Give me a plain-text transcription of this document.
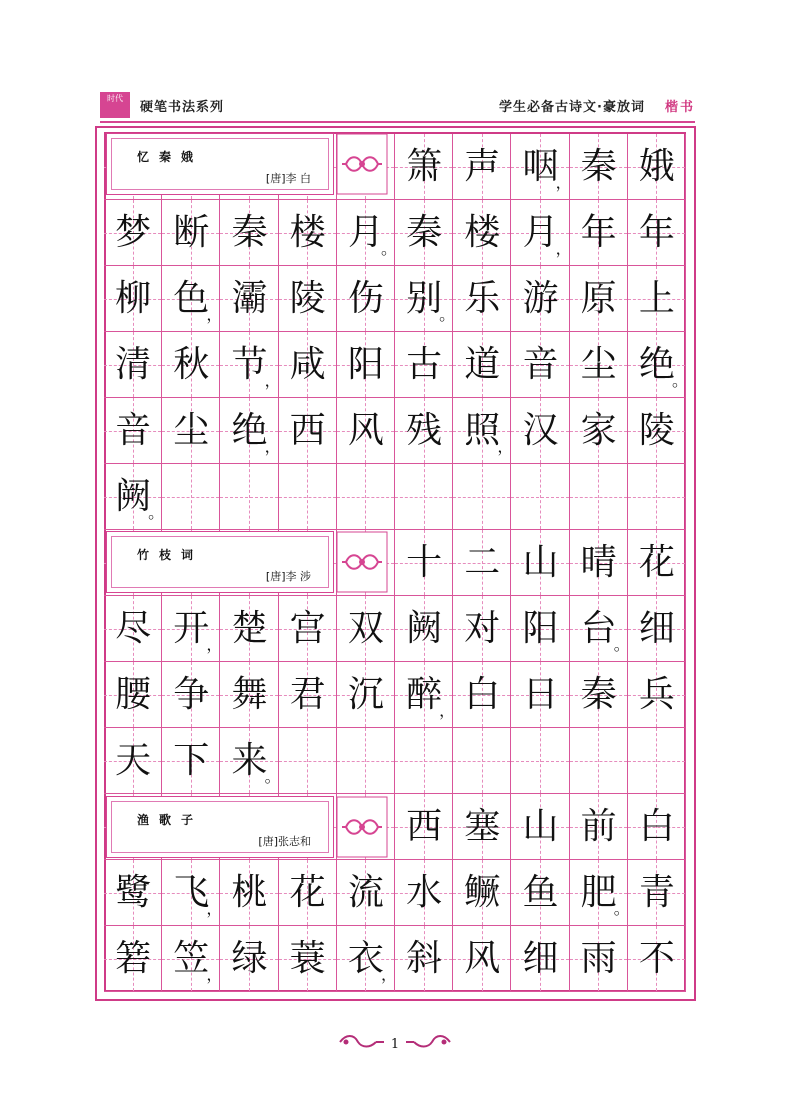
时代
硬笔书法系列	学生必备古诗文·豪放词 楷书
箫 声 咽
， 秦 娥
梦 断 秦 楼 月
。 秦 楼 月
， 年 年
柳 色
， 灞 陵 伤 别
。 乐 游 原 上
清 秋 节
， 咸 阳 古 道 音 尘 绝
。
音 尘 绝
， 西 风 残 照
， 汉 家 陵
阙
。
十 二 山 晴 花
尽 开
， 楚 宫 双 阙 对 阳 台
。 细
腰 争 舞 君 沉 醉
， 白 日 秦 兵
天 下 来
。
西 塞 山 前 白
鹭 飞
， 桃 花 流 水 鳜 鱼 肥
。 青
箬 笠
， 绿 蓑 衣
， 斜 风 细 雨 不
忆秦娥
[唐]李 白
竹枝词
[唐]李 涉
渔歌子
[唐]张志和
1
